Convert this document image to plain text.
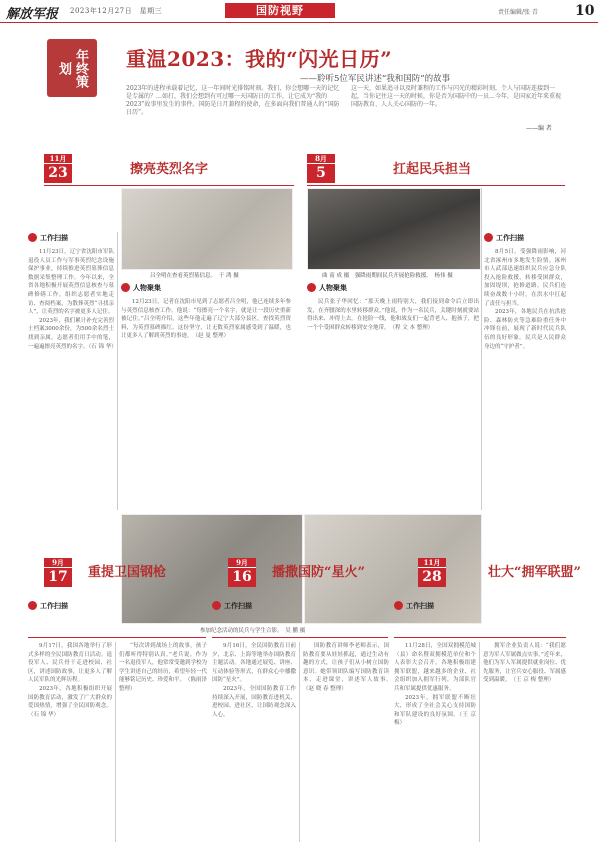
解放军报 2023年12月27日　星期三	国防视野	责任编辑/张 青	10
年终策划	重温2023：我的“闪光日历”
——聆听5位军民讲述“我和国防”的故事

2023年的进程承载着记忆，这一年间时光排铭时刻。我们，你会想哪一天的记忆是专属的？…如打，我们会想到有可过哪一天国防日的工作，让它成为“我的2023”故事里发生的事件。国防是日月兼程的使命，在多面向我们普通人的“国防日历”。

这一天，如果追寻以及时兼程的工作与闪光的精彩时刻，个人与国防连接到一起，当你记住这一天的时候，你是否为国防中的一员…今年，是国家近年来重视国防教育、人人关心国防的一年。

——编 者
11月
23	擦亮英烈名字
工作扫描

11月23日，辽宁省沈阳市军队退役人员工作与军事英烈纪念设施保护事业，持续推进英烈墓葬信息数据采集整理工作。今年以来，全省各地积极开展英烈信息核查与墓碑修缮工作，组织志愿者实地走访、查阅档案，为散葬英烈“寻找亲人”，让英烈的名字被更多人记住。

2023年，我们累计补充完善烈士档案3000余份，为500余名烈士找到亲属。志愿者们用手中的笔，一遍遍擦亮英烈的名字。（石 锦 华）

吕全明在查看英烈墓信息。　于 鸿 摄
人物聚集

12月23日，记者在沈阳市见到了志愿者吕全明，他已连续多年参与英烈信息核查工作。他说：“每擦亮一个名字，就是让一段历史重新被记住。”吕全明介绍，这些年他走遍了辽宁大部分县区，查找英烈资料，为英烈墓碑描红。这份坚守，让无数英烈家属感受到了温暖，也让更多人了解到英烈的事迹。　（赵 曼 整理）

8月
5	扛起民兵担当
曲 南 成 摄　强降雨期间民兵开展抢险救援。　杨伟 摄
工作扫描

8月5日，受强降雨影响，河北省涿州市多地发生险情。涿州市人武部迅速组织民兵应急分队投入抢险救援，转移受困群众，加固堤坝，抢修道路。民兵们连续奋战数十小时，在洪水中扛起了责任与担当。

2023年，各地民兵在抗洪抢险、森林防火等急难险重任务中冲锋在前，展现了新时代民兵队伍的良好形象。民兵是人民群众身边的“守护者”。

人物聚集

民兵张子华回忆：“那天晚上雨特别大，我们接到命令后立即出发，在齐腰深的水里转移群众。”他说，作为一名民兵，关键时刻就要站得出来、冲得上去。在抢险一线，他和战友们一起背老人、抱孩子，把一个个受困群众转移到安全地带。　（程 文 本 整理）

参加纪念活动的民兵与学生合影。　吴 鹏 摄
9月
17	重提卫国钢枪
工作扫描

9月17日，我国各地举行了形式多样的全民国防教育日活动。退役军人、民兵骨干走进校园、社区，讲述国防故事，让更多人了解人民军队的光辉历程。

2023年，各地积极组织开展国防教育活动，激发了广大群众的爱国热情，增强了全民国防观念。（石 锦 华）

“每次讲到战场上的故事，孩子们都听得特别认真。”老兵说。作为一名退役军人，他常常受邀到学校为学生讲述自己的经历，希望年轻一代能够铭记历史、珍爱和平。　（陈雨泽 整理）

9月
16	播撒国防“星火”
工作扫描

9月16日，全民国防教育日前夕，北京、上海等地举办国防教育主题活动。各地通过展览、讲座、互动体验等形式，在群众心中播撒国防“星火”。

2023年，全国国防教育工作持续深入开展，国防教育进机关、进校园、进社区，让国防观念深入人心。

国防教育讲师李老师表示，国防教育要从娃娃抓起，通过生动有趣的方式，让孩子们从小树立国防意识。她带领团队编写国防教育读本，走进课堂，讲述军人故事。　（赵 晓 春 整理）

11月
28	壮大“拥军联盟”
工作扫描

11月28日，全国双拥模范城（县）命名暨双拥模范单位和个人表彰大会召开。各地积极组建拥军联盟，越来越多的企业、社会组织加入拥军行列，为部队官兵和军属提供优惠服务。

2023年，拥军联盟不断壮大，形成了全社会关心支持国防和军队建设的良好氛围。（王 京 梅）

拥军企业负责人说：“我们愿意为军人军属做点实事。”近年来，他们为军人军属提供就业岗位、优先服务，让官兵安心服役、军属感受到温暖。　（王 京 梅 整理）
